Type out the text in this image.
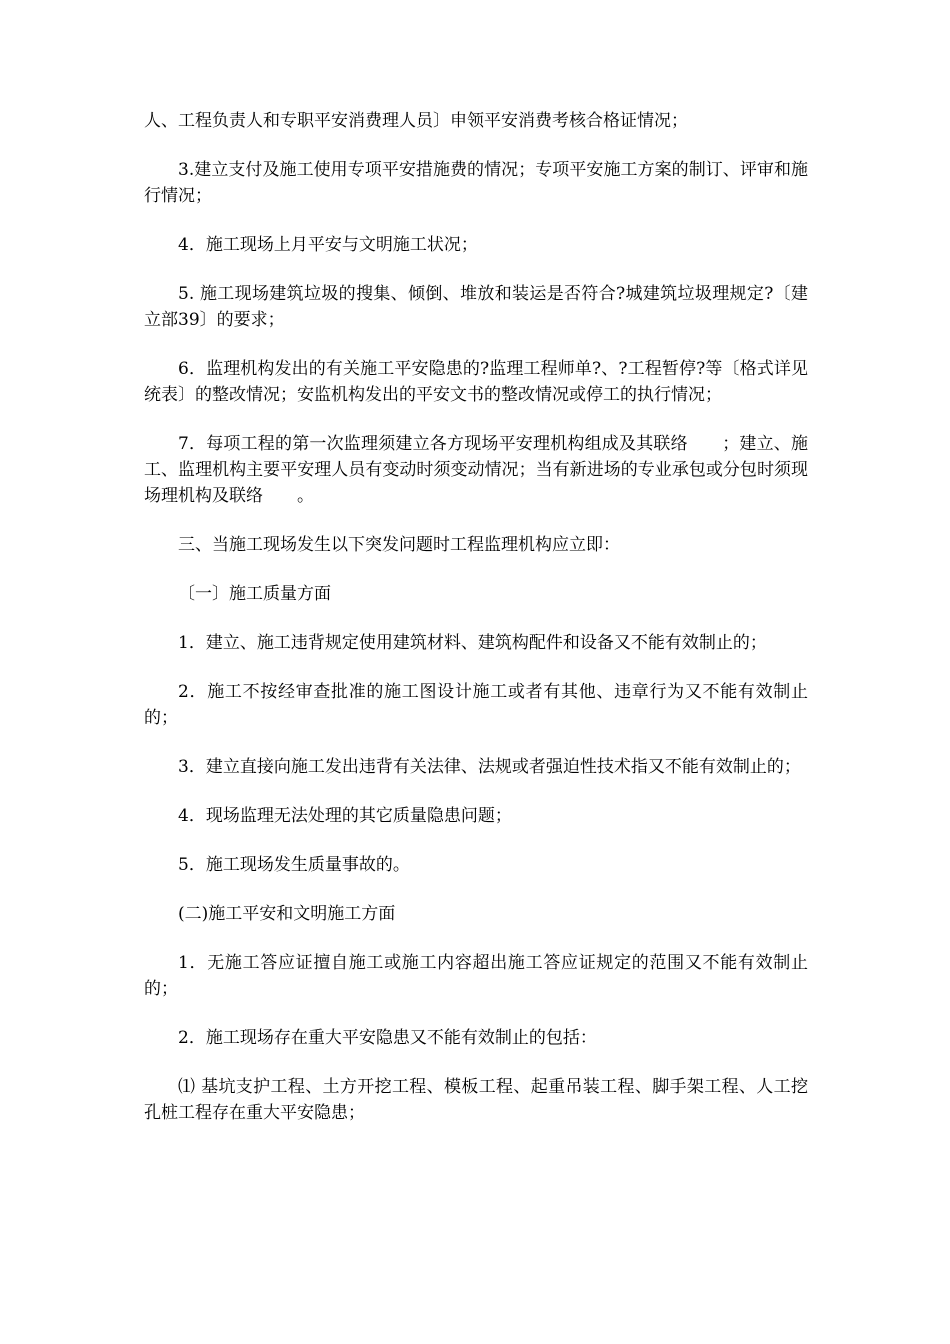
人、工程负责人和专职平安消费理人员〕申领平安消费考核合格证情况；

3.建立支付及施工使用专项平安措施费的情况；专项平安施工方案的制订、评审和施行情况；

4．施工现场上月平安与文明施工状况；

5. 施工现场建筑垃圾的搜集、倾倒、堆放和装运是否符合?城建筑垃圾理规定?〔建立部39〕的要求；

6．监理机构发出的有关施工平安隐患的?监理工程师单?、?工程暂停?等〔格式详见统表〕的整改情况；安监机构发出的平安文书的整改情况或停工的执行情况；

7．每项工程的第一次监理须建立各方现场平安理机构组成及其联络　　；建立、施工、监理机构主要平安理人员有变动时须变动情况；当有新进场的专业承包或分包时须现场理机构及联络　　。

三、当施工现场发生以下突发问题时工程监理机构应立即：

〔一〕施工质量方面

1．建立、施工违背规定使用建筑材料、建筑构配件和设备又不能有效制止的；

2．施工不按经审查批准的施工图设计施工或者有其他、违章行为又不能有效制止的；

3．建立直接向施工发出违背有关法律、法规或者强迫性技术指又不能有效制止的；

4．现场监理无法处理的其它质量隐患问题；

5．施工现场发生质量事故的。

(二)施工平安和文明施工方面

1．无施工答应证擅自施工或施工内容超出施工答应证规定的范围又不能有效制止的；

2．施工现场存在重大平安隐患又不能有效制止的包括：

⑴ 基坑支护工程、土方开挖工程、模板工程、起重吊装工程、脚手架工程、人工挖孔桩工程存在重大平安隐患；
